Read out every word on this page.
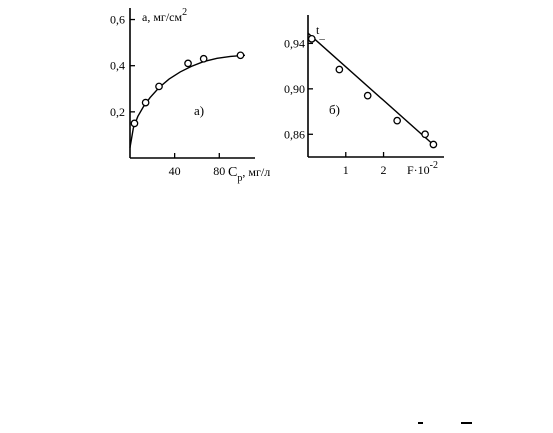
0,2
0,4
0,6
40	80
a, $мг/см^2$
$C_p$, мг/л
а)
0,86
0,90
0,94
1	2
t_
$F\cdot 10^{-2}$
б)
